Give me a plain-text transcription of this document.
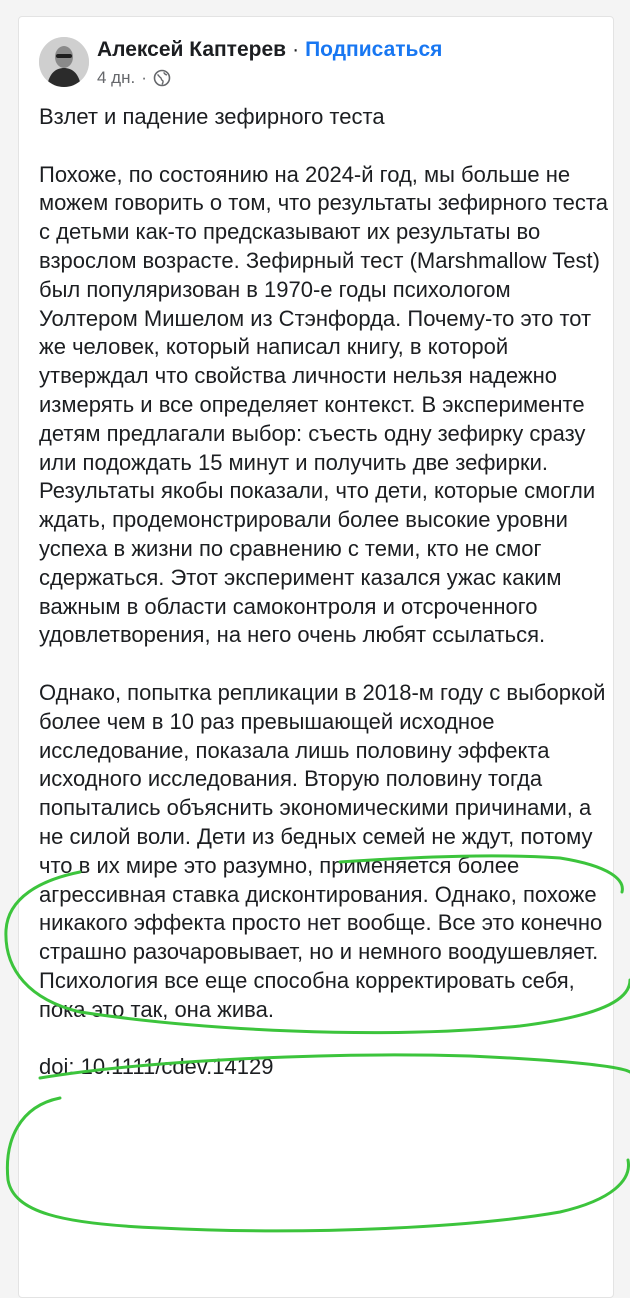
Алексей Каптерев · Подписаться
4 дн. ·

Взлет и падение зефирного теста

Похоже, по состоянию на 2024-й год, мы больше не можем говорить о том, что результаты зефирного теста с детьми как-то предсказывают их результаты во взрослом возрасте. Зефирный тест (Marshmallow Test) был популяризован в 1970-е годы психологом Уолтером Мишелом из Стэнфорда. Почему-то это тот же человек, который написал книгу, в которой утверждал что свойства личности нельзя надежно измерять и все определяет контекст. В эксперименте детям предлагали выбор: съесть одну зефирку сразу или подождать 15 минут и получить две зефирки. Результаты якобы показали, что дети, которые смогли ждать, продемонстрировали более высокие уровни успеха в жизни по сравнению с теми, кто не смог сдержаться. Этот эксперимент казался ужас каким важным в области самоконтроля и отсроченного удовлетворения, на него очень любят ссылаться.

Однако, попытка репликации в 2018-м году с выборкой более чем в 10 раз превышающей исходное исследование, показала лишь половину эффекта исходного исследования. Вторую половину тогда попытались объяснить экономическими причинами, а не силой воли. Дети из бедных семей не ждут, потому что в их мире это разумно, применяется более агрессивная ставка дисконтирования. Однако, похоже никакого эффекта просто нет вообще. Все это конечно страшно разочаровывает, но и немного воодушевляет. Психология все еще способна корректировать себя, пока это так, она жива.

doi: 10.1111/cdev.14129
